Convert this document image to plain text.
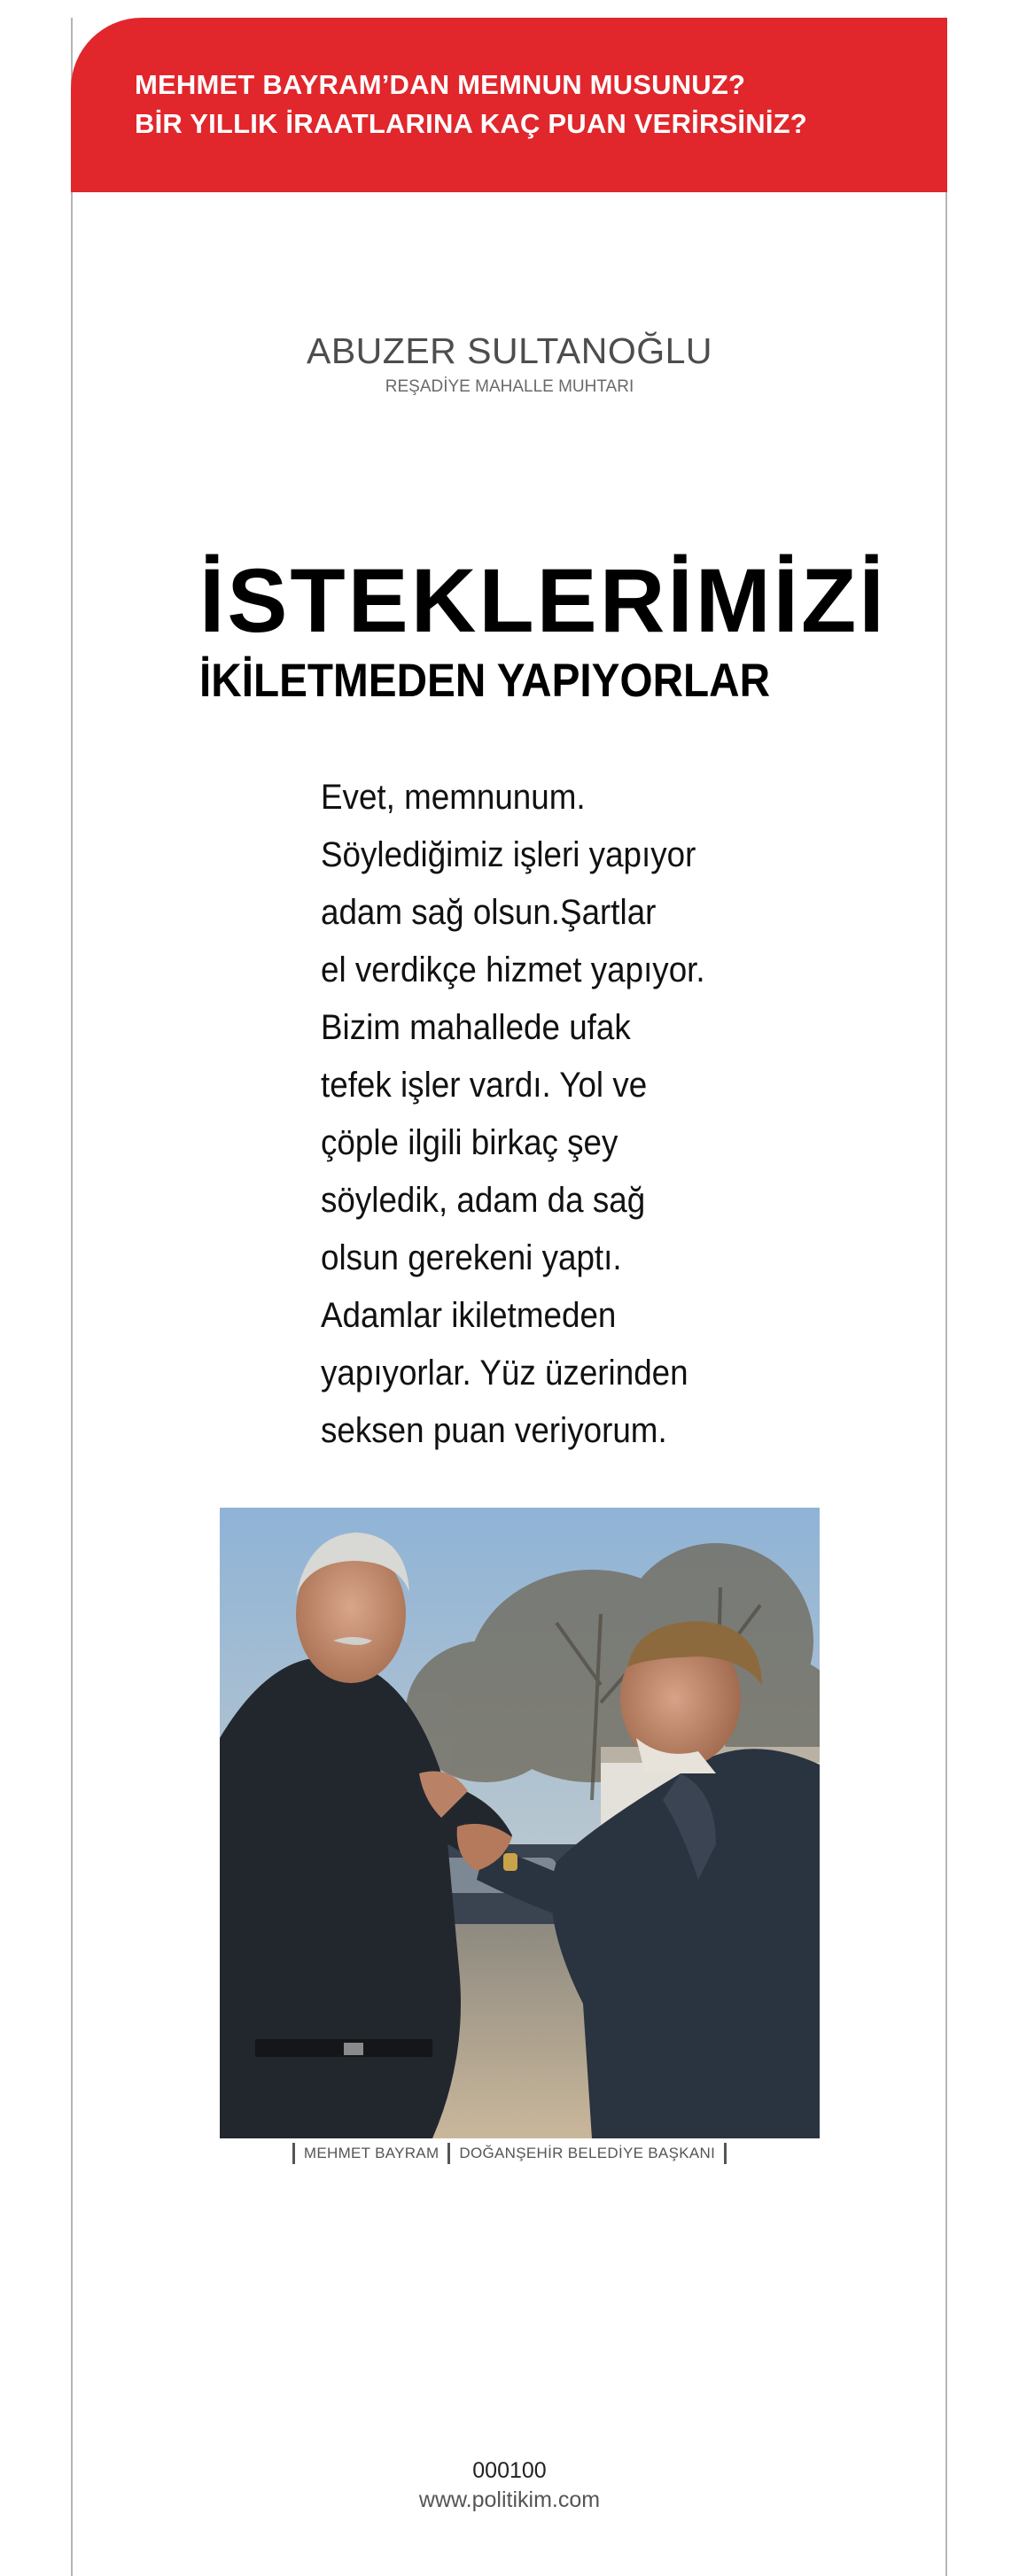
MEHMET BAYRAM’DAN MEMNUN MUSUNUZ?
BİR YILLIK İRAATLARINA KAÇ PUAN VERİRSİNİZ?
ABUZER SULTANOĞLU
REŞADİYE MAHALLE MUHTARI
İSTEKLERİMİZİ
İKİLETMEDEN YAPIYORLAR
Evet, memnunum.
Söylediğimiz işleri yapıyor
adam sağ olsun.Şartlar
el verdikçe hizmet yapıyor.
Bizim mahallede ufak
tefek işler vardı. Yol ve
çöple ilgili birkaç şey
söyledik, adam da sağ
olsun gerekeni yaptı.
Adamlar ikiletmeden
yapıyorlar. Yüz üzerinden
seksen puan veriyorum.
MEHMET BAYRAM DOĞANŞEHİR BELEDİYE BAŞKANI
000100
www.politikim.com
